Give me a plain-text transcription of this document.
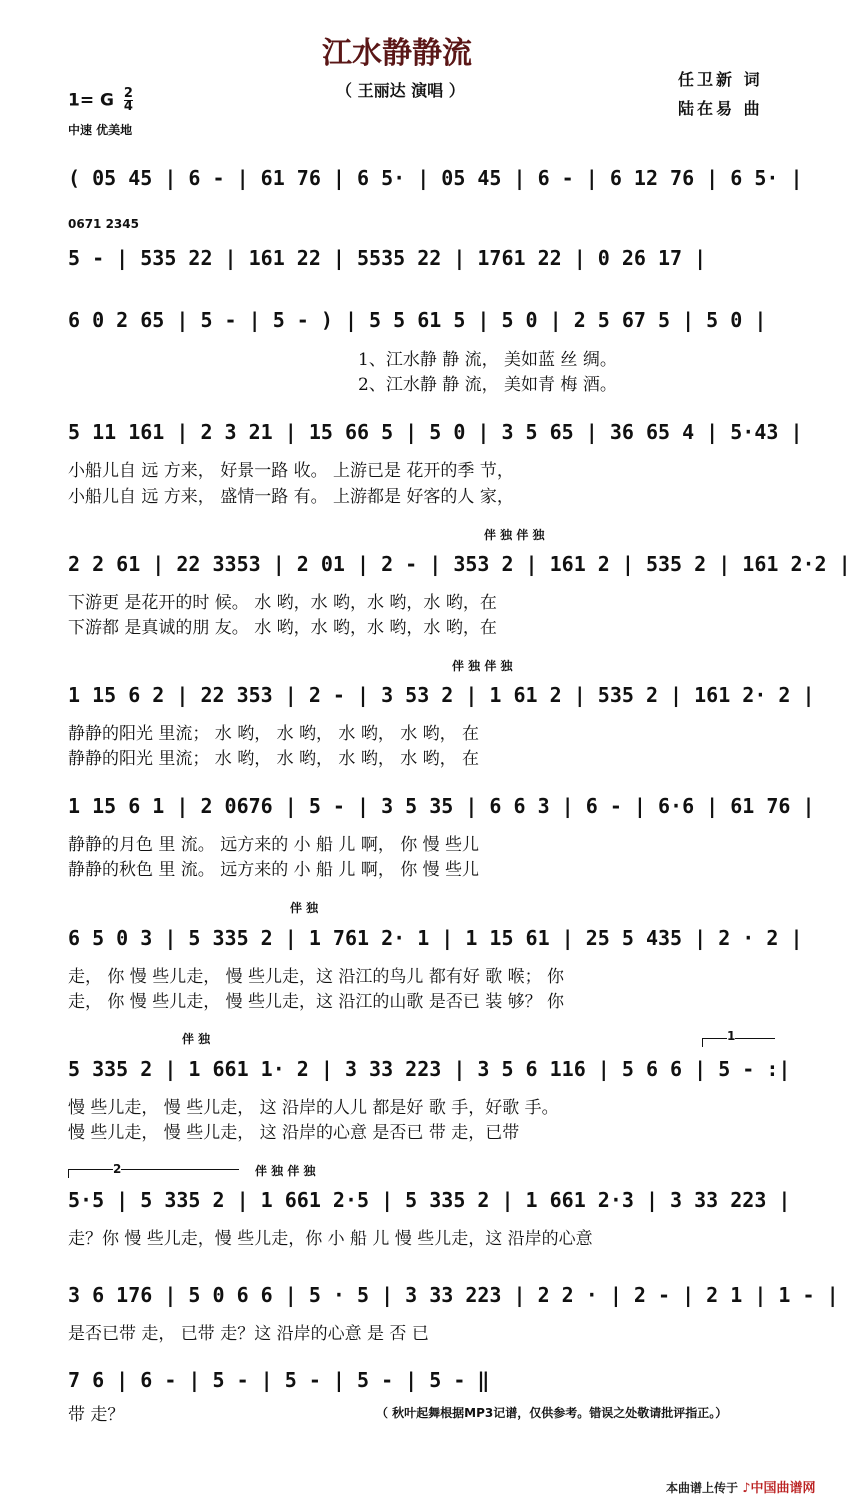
江水静静流
（ 王丽达 演唱 ）
任卫新 词
陆在易 曲
1= G $\frac{2}{4}$
中速 优美地
( 05 45 | 6 - | 61 76 | 6 5· | 05 45 | 6 - | 6 12 76 | 6 5· |
0671 2345
5 - | 535 22 | 161 22 | 5535 22 | 1761 22 | 0 26 17 |
6 0 2 65 | 5 - | 5 - ) | 5 5 61 5 | 5 0 | 2 5 67 5 | 5 0 |
1、江水静 静 流， 美如蓝 丝 绸。
2、江水静 静 流， 美如青 梅 酒。
5 11 161 | 2 3 21 | 15 66 5 | 5 0 | 3 5 65 | 36 65 4 | 5·43 |
小船儿自 远 方来， 好景一路 收。 上游已是 花开的季 节，
小船儿自 远 方来， 盛情一路 有。 上游都是 好客的人 家，
伴 独 伴 独
2 2 61 | 22 3353 | 2 01 | 2 - | 353 2 | 161 2 | 535 2 | 161 2·2 |
下游更 是花开的时 候。 水 哟，水 哟，水 哟，水 哟，在
下游都 是真诚的朋 友。 水 哟，水 哟，水 哟，水 哟，在
伴 独 伴 独
1 15 6 2 | 22 353 | 2 - | 3 53 2 | 1 61 2 | 535 2 | 161 2· 2 |
静静的阳光 里流； 水 哟， 水 哟， 水 哟， 水 哟， 在
静静的阳光 里流； 水 哟， 水 哟， 水 哟， 水 哟， 在
1 15 6 1 | 2 0676 | 5 - | 3 5 35 | 6 6 3 | 6 - | 6·6 | 61 76 |
静静的月色 里 流。 远方来的 小 船 儿 啊， 你 慢 些儿
静静的秋色 里 流。 远方来的 小 船 儿 啊， 你 慢 些儿
伴 独
6 5 0 3 | 5 335 2 | 1 761 2· 1 | 1 15 61 | 25 5 435 | 2 · 2 |
走， 你 慢 些儿走， 慢 些儿走，这 沿江的鸟儿 都有好 歌 喉； 你
走， 你 慢 些儿走， 慢 些儿走，这 沿江的山歌 是否已 装 够？ 你
伴 独	1
5 335 2 | 1 661 1· 2 | 3 33 223 | 3 5 6 116 | 5 6 6 | 5 - :|
慢 些儿走， 慢 些儿走， 这 沿岸的人儿 都是好 歌 手，好歌 手。
慢 些儿走， 慢 些儿走， 这 沿岸的心意 是否已 带 走，已带
2	伴 独 伴 独
5·5 | 5 335 2 | 1 661 2·5 | 5 335 2 | 1 661 2·3 | 3 33 223 |
走？你 慢 些儿走，慢 些儿走，你 小 船 儿 慢 些儿走，这 沿岸的心意
3 6 176 | 5 0 6 6 | 5 · 5 | 3 33 223 | 2 2 · | 2 - | 2 1 | 1 - |
是否已带 走， 已带 走？这 沿岸的心意 是 否 已
7 6 | 6 - | 5 - | 5 - | 5 - | 5 - ‖
带 走？	（ 秋叶起舞根据MP3记谱，仅供参考。错误之处敬请批评指正。）
本曲谱上传于 ♪中国曲谱网
